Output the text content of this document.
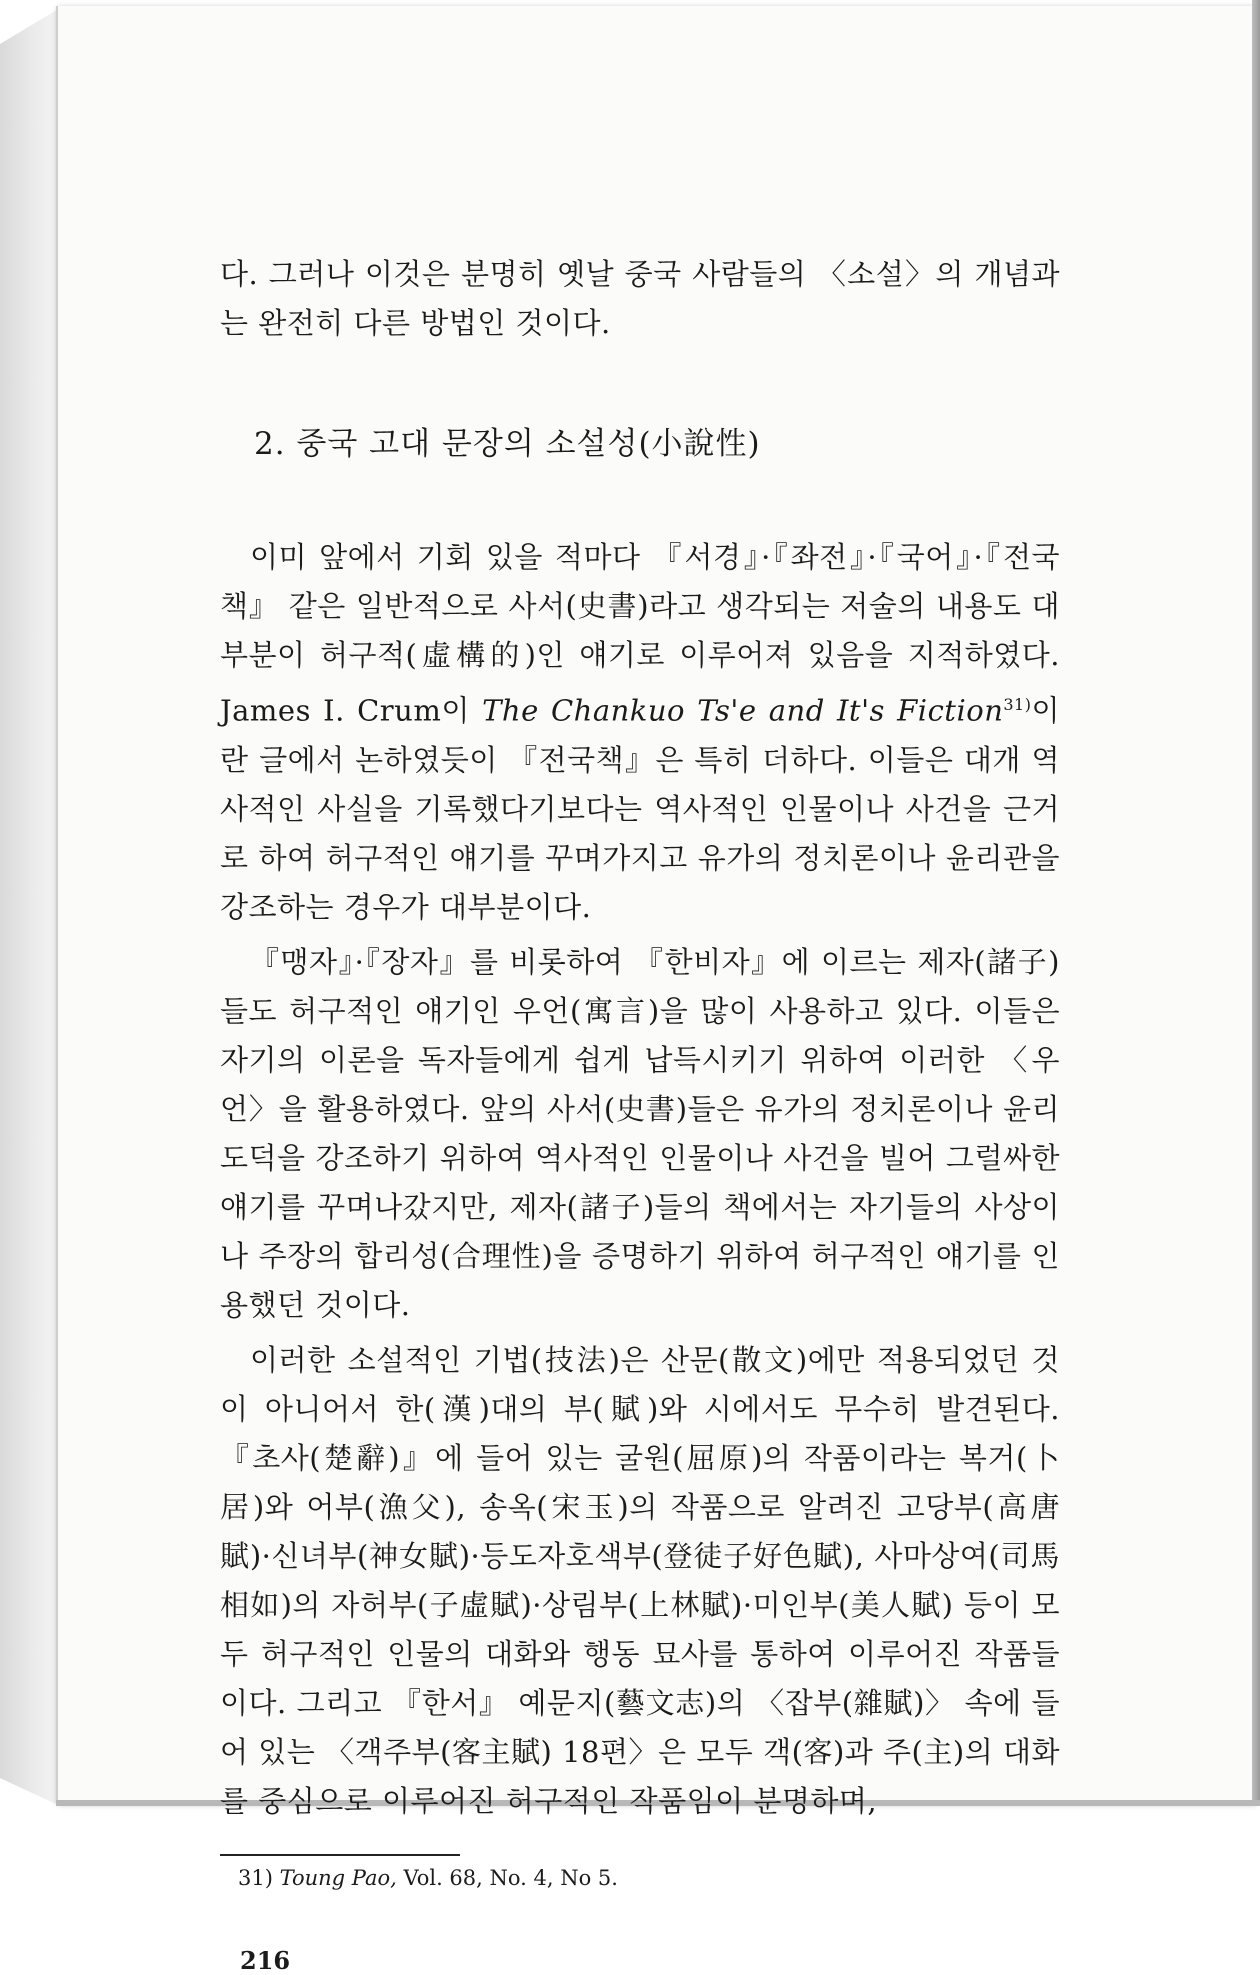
다. 그러나 이것은 분명히 옛날 중국 사람들의 〈소설〉의 개념과는 완전히 다른 방법인 것이다.

2. 중국 고대 문장의 소설성(小說性)

이미 앞에서 기회 있을 적마다 『서경』·『좌전』·『국어』·『전국책』 같은 일반적으로 사서(史書)라고 생각되는 저술의 내용도 대부분이 허구적(虛構的)인 얘기로 이루어져 있음을 지적하였다. James I. Crum이 The Chankuo Ts'e and It's Fiction$^{31)}$이란 글에서 논하였듯이 『전국책』은 특히 더하다. 이들은 대개 역사적인 사실을 기록했다기보다는 역사적인 인물이나 사건을 근거로 하여 허구적인 얘기를 꾸며가지고 유가의 정치론이나 윤리관을 강조하는 경우가 대부분이다.

『맹자』·『장자』를 비롯하여 『한비자』에 이르는 제자(諸子)들도 허구적인 얘기인 우언(寓言)을 많이 사용하고 있다. 이들은 자기의 이론을 독자들에게 쉽게 납득시키기 위하여 이러한 〈우언〉을 활용하였다. 앞의 사서(史書)들은 유가의 정치론이나 윤리 도덕을 강조하기 위하여 역사적인 인물이나 사건을 빌어 그럴싸한 얘기를 꾸며나갔지만, 제자(諸子)들의 책에서는 자기들의 사상이나 주장의 합리성(合理性)을 증명하기 위하여 허구적인 얘기를 인용했던 것이다.

이러한 소설적인 기법(技法)은 산문(散文)에만 적용되었던 것이 아니어서 한(漢)대의 부(賦)와 시에서도 무수히 발견된다. 『초사(楚辭)』에 들어 있는 굴원(屈原)의 작품이라는 복거(卜居)와 어부(漁父), 송옥(宋玉)의 작품으로 알려진 고당부(高唐賦)·신녀부(神女賦)·등도자호색부(登徒子好色賦), 사마상여(司馬相如)의 자허부(子虛賦)·상림부(上林賦)·미인부(美人賦) 등이 모두 허구적인 인물의 대화와 행동 묘사를 통하여 이루어진 작품들이다. 그리고 『한서』 예문지(藝文志)의 〈잡부(雜賦)〉 속에 들어 있는 〈객주부(客主賦) 18편〉은 모두 객(客)과 주(主)의 대화를 중심으로 이루어진 허구적인 작품임이 분명하며,

31) Toung Pao, Vol. 68, No. 4, No 5.

216
